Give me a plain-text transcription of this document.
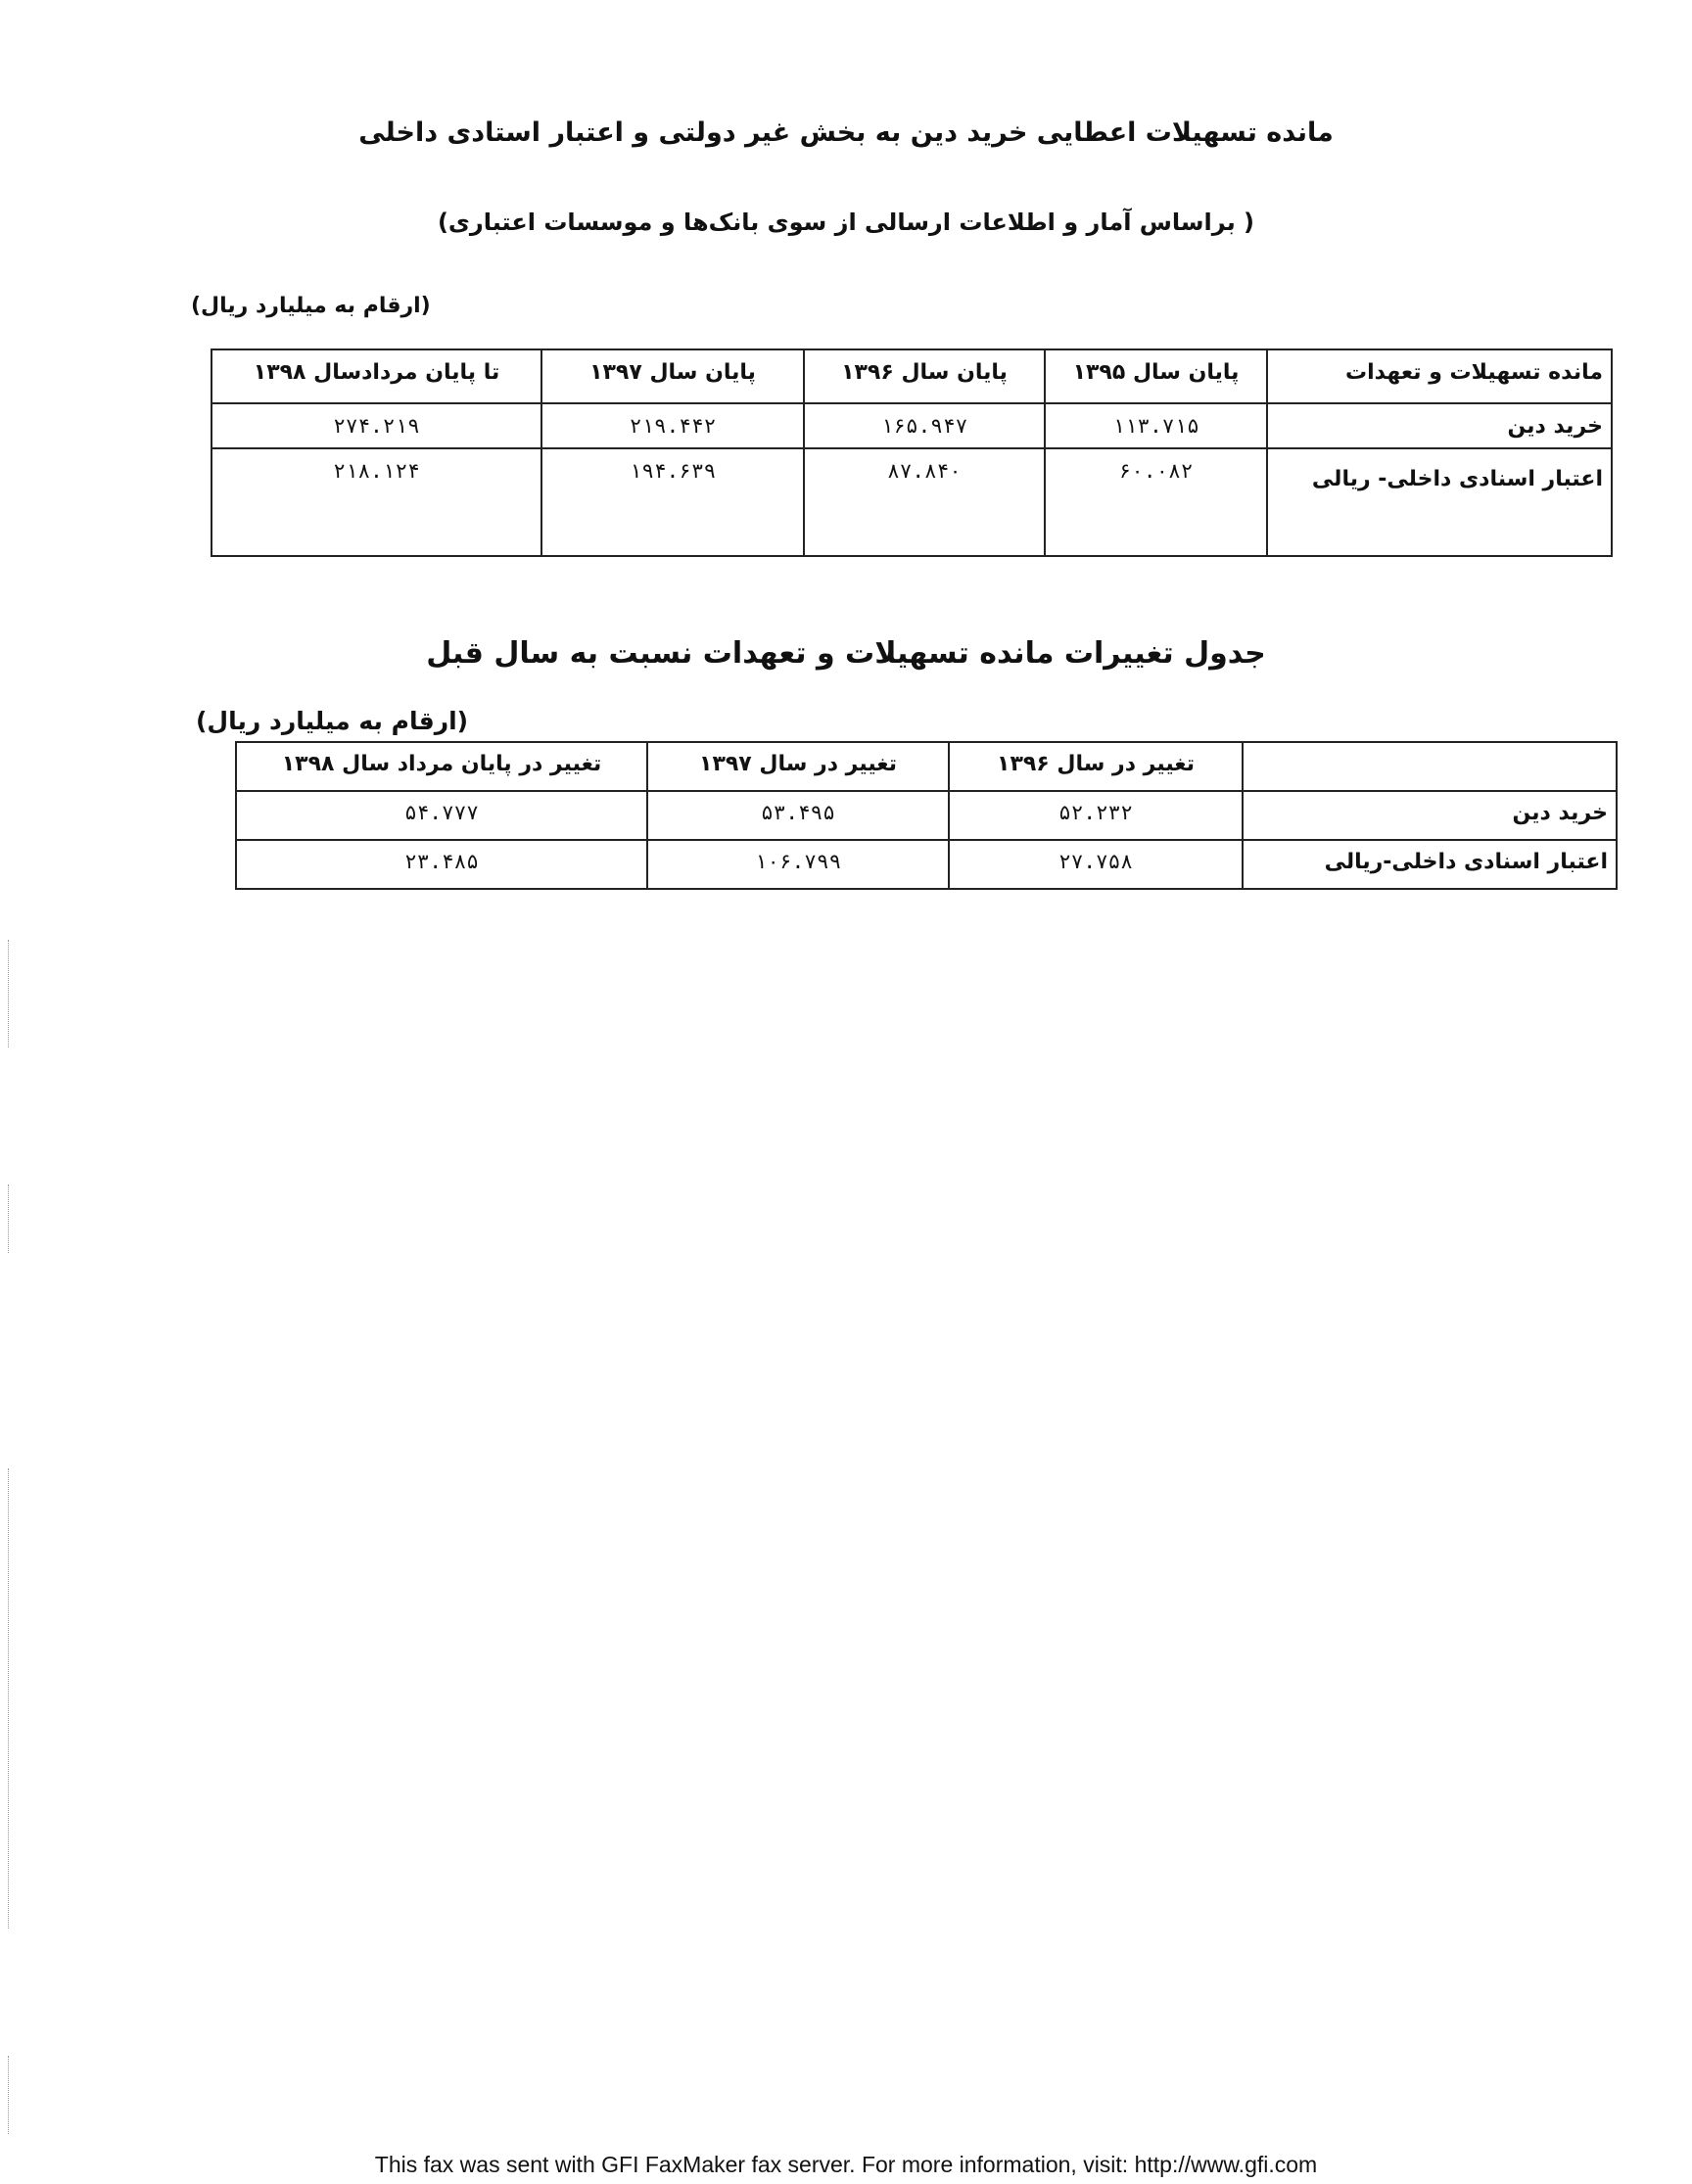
مانده تسهیلات اعطایی خرید دین به بخش غیر دولتی و اعتبار استادی داخلی
( براساس آمار و اطلاعات ارسالی از سوی بانک‌ها و موسسات اعتباری)
(ارقام به میلیارد ریال)
مانده تسهیلات و تعهدات	پایان سال ۱۳۹۵	پایان سال ۱۳۹۶	پایان سال ۱۳۹۷	تا پایان مردادسال ۱۳۹۸
خرید دین	۱۱۳.۷۱۵	۱۶۵.۹۴۷	۲۱۹.۴۴۲	۲۷۴.۲۱۹
اعتبار اسنادی داخلی- ریالی	۶۰.۰۸۲	۸۷.۸۴۰	۱۹۴.۶۳۹	۲۱۸.۱۲۴
جدول تغییرات مانده تسهیلات و تعهدات نسبت به سال قبل
(ارقام به میلیارد ریال)
	تغییر در سال ۱۳۹۶	تغییر در سال ۱۳۹۷	تغییر در پایان مرداد سال ۱۳۹۸
خرید دین	۵۲.۲۳۲	۵۳.۴۹۵	۵۴.۷۷۷
اعتبار اسنادی داخلی-ریالی	۲۷.۷۵۸	۱۰۶.۷۹۹	۲۳.۴۸۵
This fax was sent with GFI FaxMaker fax server. For more information, visit: http://www.gfi.com
